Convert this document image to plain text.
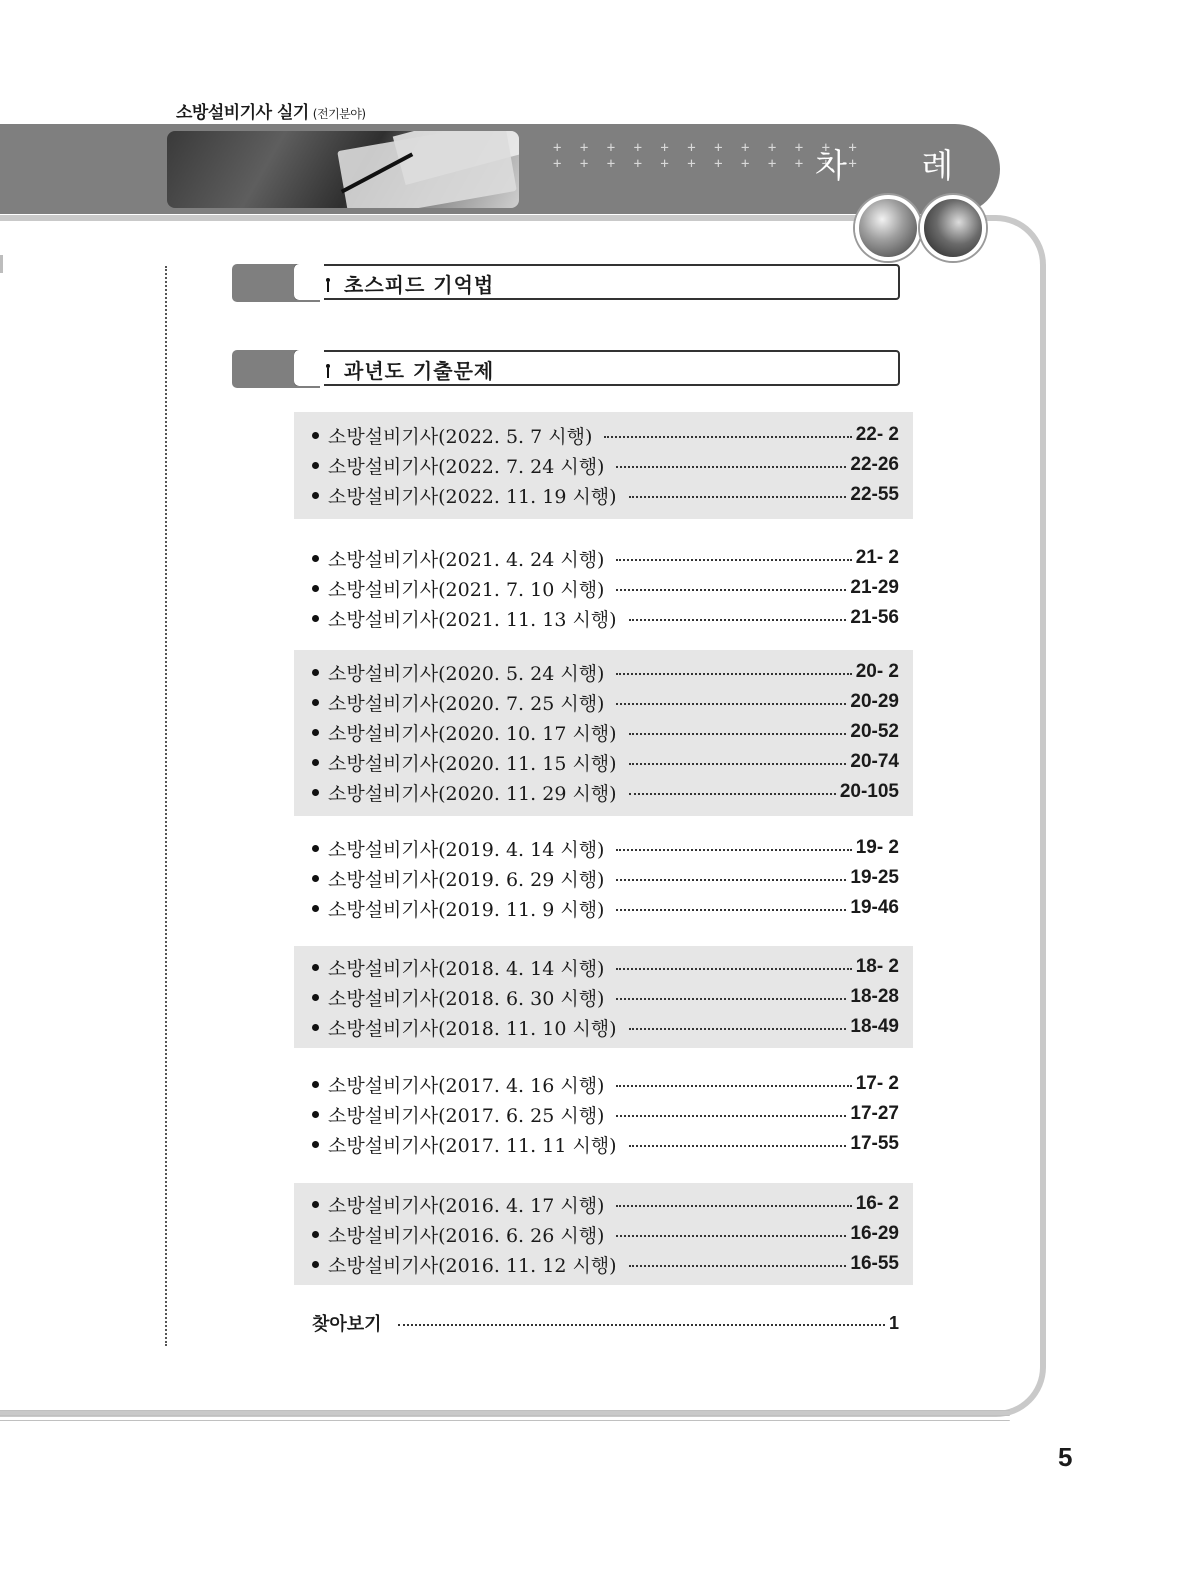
소방설비기사 실기 (전기분야)
+ + + + + + + + + + + +
+ + + + + + + + + + + +
차 례
초스피드 기억법
과년도 기출문제
소방설비기사(2022. 5. 7 시행)	22- 2
소방설비기사(2022. 7. 24 시행)	22-26
소방설비기사(2022. 11. 19 시행)	22-55
소방설비기사(2021. 4. 24 시행)	21- 2
소방설비기사(2021. 7. 10 시행)	21-29
소방설비기사(2021. 11. 13 시행)	21-56
소방설비기사(2020. 5. 24 시행)	20- 2
소방설비기사(2020. 7. 25 시행)	20-29
소방설비기사(2020. 10. 17 시행)	20-52
소방설비기사(2020. 11. 15 시행)	20-74
소방설비기사(2020. 11. 29 시행)	20-105
소방설비기사(2019. 4. 14 시행)	19- 2
소방설비기사(2019. 6. 29 시행)	19-25
소방설비기사(2019. 11. 9 시행)	19-46
소방설비기사(2018. 4. 14 시행)	18- 2
소방설비기사(2018. 6. 30 시행)	18-28
소방설비기사(2018. 11. 10 시행)	18-49
소방설비기사(2017. 4. 16 시행)	17- 2
소방설비기사(2017. 6. 25 시행)	17-27
소방설비기사(2017. 11. 11 시행)	17-55
소방설비기사(2016. 4. 17 시행)	16- 2
소방설비기사(2016. 6. 26 시행)	16-29
소방설비기사(2016. 11. 12 시행)	16-55
찾아보기	1
5
